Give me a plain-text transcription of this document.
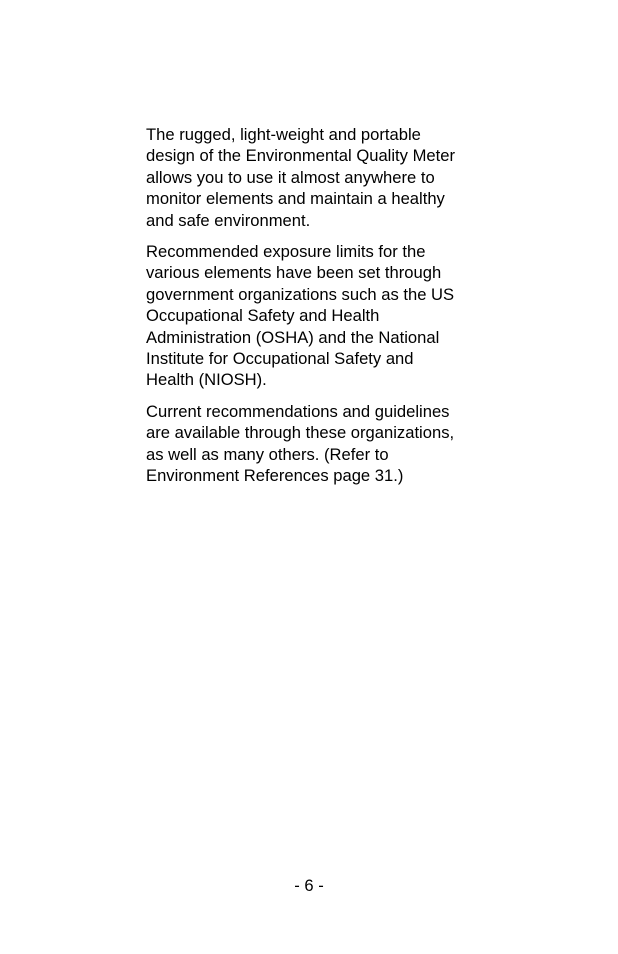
The rugged, light-weight and portable
design of the Environmental Quality Meter
allows you to use it almost anywhere to
monitor elements and maintain a healthy
and safe environment.

Recommended exposure limits for the
various elements have been set through
government organizations such as the US
Occupational Safety and Health
Administration (OSHA) and the National
Institute for Occupational Safety and
Health (NIOSH).

Current recommendations and guidelines
are available through these organizations,
as well as many others. (Refer to
Environment References page 31.)

- 6 -
